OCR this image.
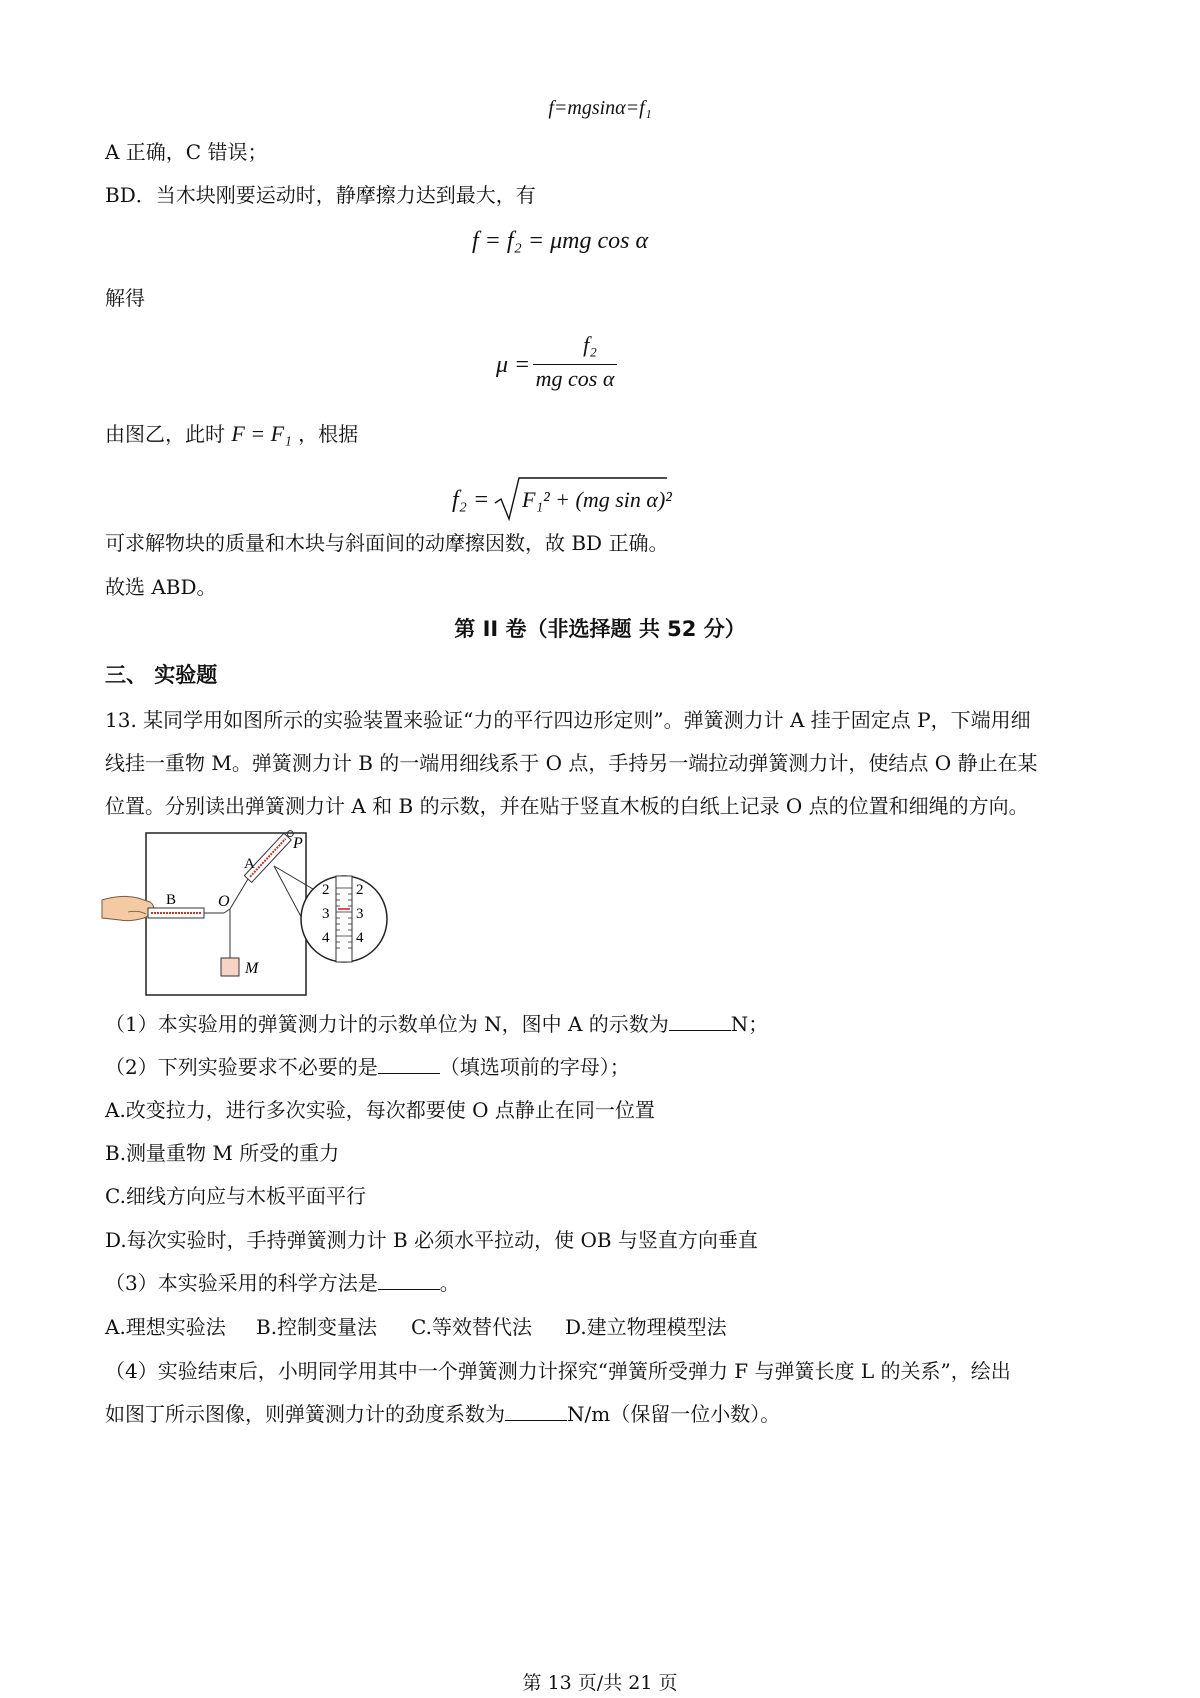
f=mgsinα=f₁
A 正确，C 错误；
BD．当木块刚要运动时，静摩擦力达到最大，有
f = f₂ = μmg cos α
解得
μ =
f₂
mg cos α
由图乙，此时 F = F₁ ，根据
f₂ = F₁² + (mg sin α)²
可求解物块的质量和木块与斜面间的动摩擦因数，故 BD 正确。
故选 ABD。
第 II 卷（非选择题 共 52 分）
三、 实验题
13. 某同学用如图所示的实验装置来验证“力的平行四边形定则”。弹簧测力计 A 挂于固定点 P，下端用细
线挂一重物 M。弹簧测力计 B 的一端用细线系于 O 点，手持另一端拉动弹簧测力计，使结点 O 静止在某
位置。分别读出弹簧测力计 A 和 B 的示数，并在贴于竖直木板的白纸上记录 O 点的位置和细绳的方向。
B	O
A
P
M
2
3
4
2
3
4
（1）本实验用的弹簧测力计的示数单位为 N，图中 A 的示数为	N；
（2）下列实验要求不必要的是	（填选项前的字母）；
A.改变拉力，进行多次实验，每次都要使 O 点静止在同一位置
B.测量重物 M 所受的重力
C.细线方向应与木板平面平行
D.每次实验时，手持弹簧测力计 B 必须水平拉动，使 OB 与竖直方向垂直
（3）本实验采用的科学方法是	。
A.理想实验法 B.控制变量法 C.等效替代法 D.建立物理模型法
（4）实验结束后，小明同学用其中一个弹簧测力计探究“弹簧所受弹力 F 与弹簧长度 L 的关系”，绘出
如图丁所示图像，则弹簧测力计的劲度系数为	N/m（保留一位小数）。
第 13 页/共 21 页
